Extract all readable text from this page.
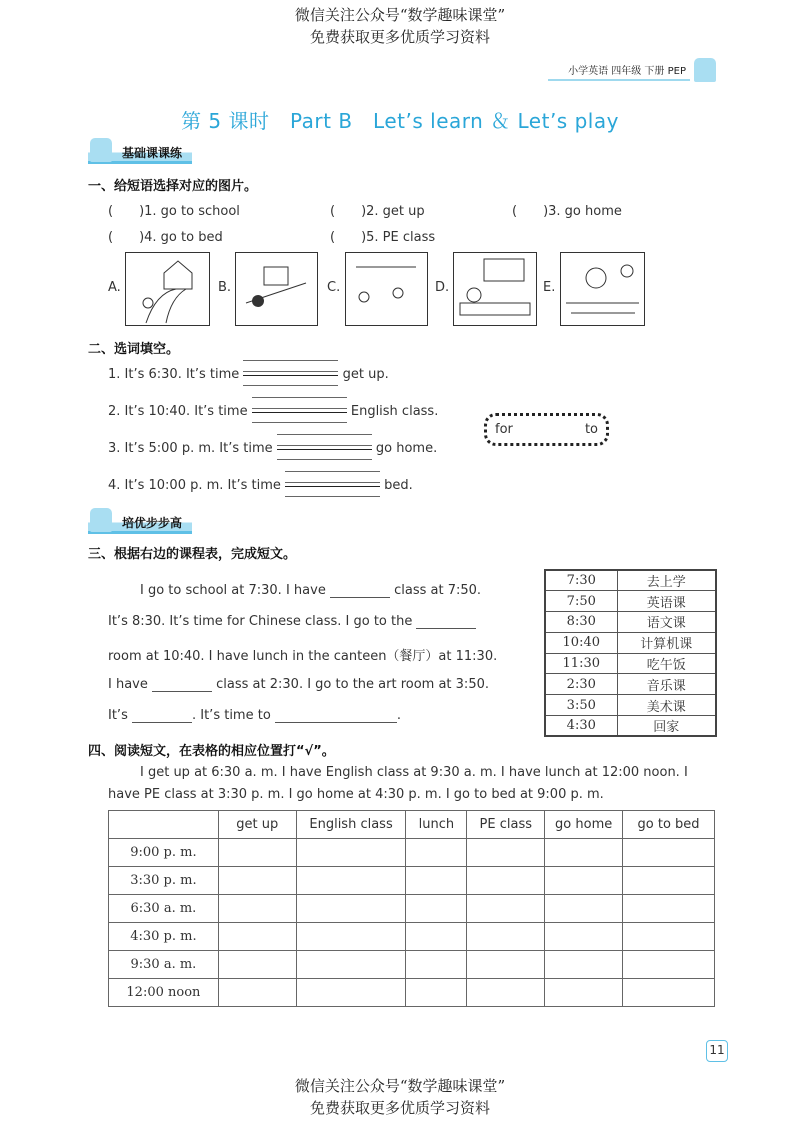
微信关注公众号“数学趣味课堂”
免费获取更多优质学习资料
小学英语 四年级 下册 PEP
第 5 课时　Part B　Let’s learn ＆ Let’s play
基础课课练
一、给短语选择对应的图片。
(　　)1. go to school	(　　)2. get up	(　　)3. go home
(　　)4. go to bed	(　　)5. PE class
A.	B.	C.	D.	E.
二、选词填空。
1. It’s 6:30. It’s time	get up.
2. It’s 10:40. It’s time	English class.
3. It’s 5:00 p. m. It’s time	go home.
4. It’s 10:00 p. m. It’s time	bed.
for	to
培优步步高
三、根据右边的课程表，完成短文。
I go to school at 7:30. I have	class at 7:50.
It’s 8:30. It’s time for Chinese class. I go to the
room at 10:40. I have lunch in the canteen（餐厅）at 11:30.
I have	class at 2:30. I go to the art room at 3:50.
It’s	. It’s time to	.
7:30	去上学
7:50	英语课
8:30	语文课
10:40	计算机课
11:30	吃午饭
2:30	音乐课
3:50	美术课
4:30	回家
四、阅读短文，在表格的相应位置打“√”。
I get up at 6:30 a. m. I have English class at 9:30 a. m. I have lunch at 12:00 noon. I
have PE class at 3:30 p. m. I go home at 4:30 p. m. I go to bed at 9:00 p. m.
	get up	English class	lunch	PE class	go home	go to bed
9:00 p. m.						
3:30 p. m.						
6:30 a. m.						
4:30 p. m.						
9:30 a. m.						
12:00 noon						
11
微信关注公众号“数学趣味课堂”
免费获取更多优质学习资料
